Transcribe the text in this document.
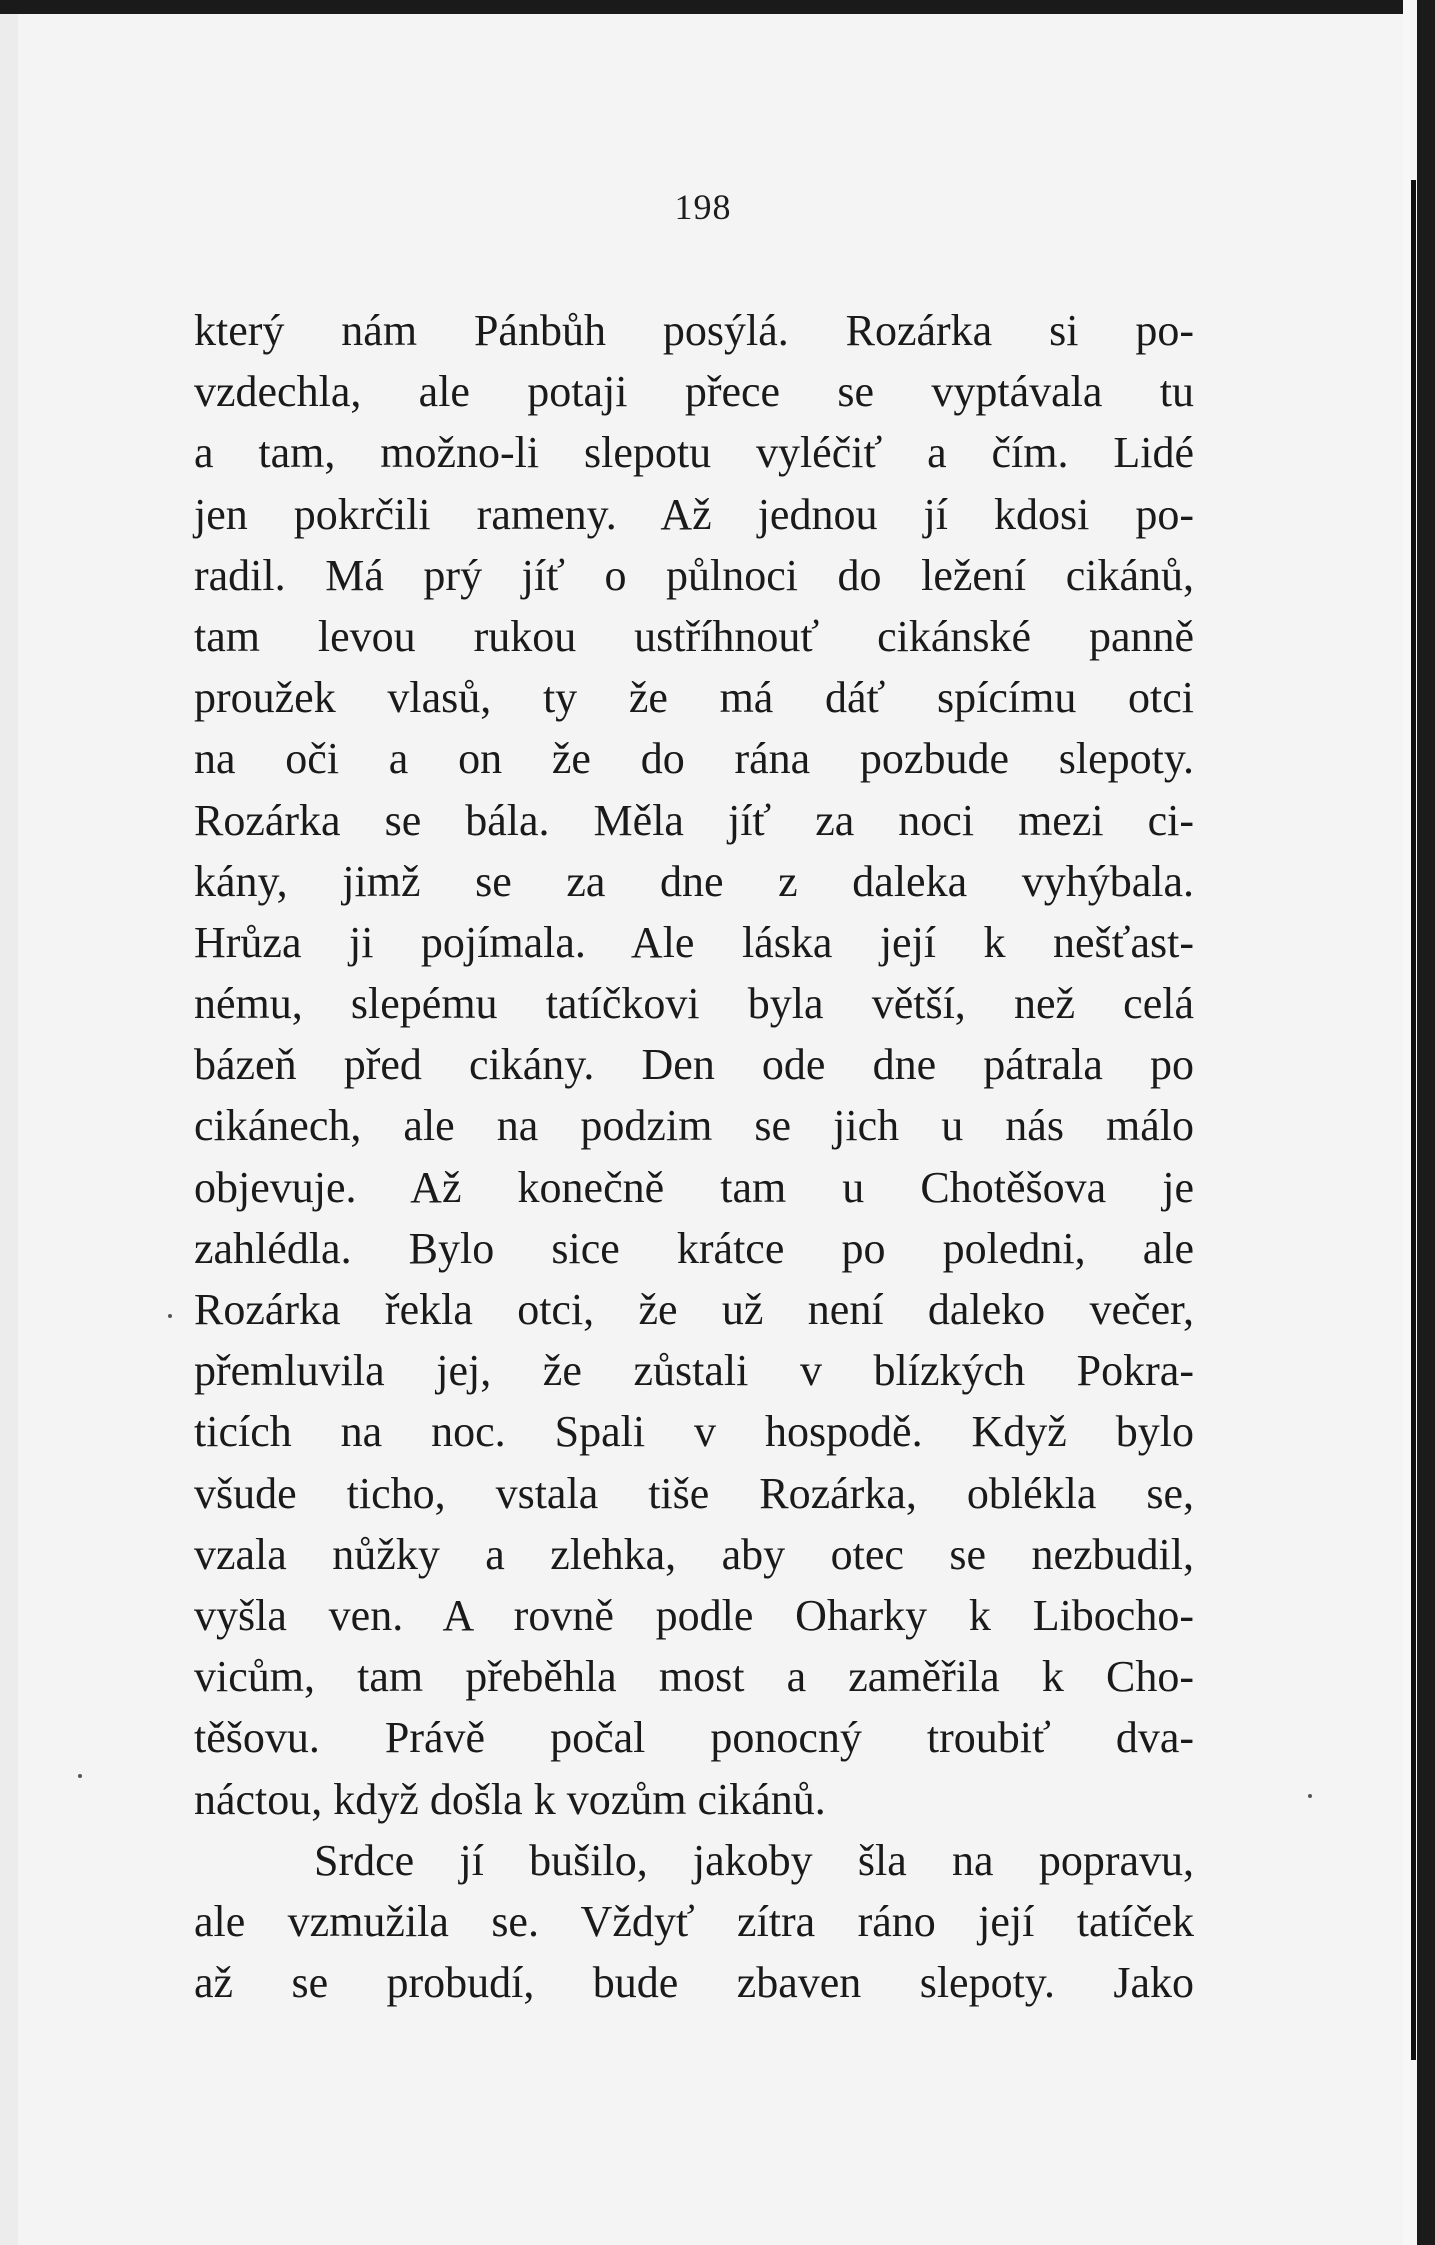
198
který nám Pánbůh posýlá. Rozárka si po-
vzdechla, ale potaji přece se vyptávala tu
a tam, možno-li slepotu vyléčiť a čím. Lidé
jen pokrčili rameny. Až jednou jí kdosi po-
radil. Má prý jíť o půlnoci do ležení cikánů,
tam levou rukou ustříhnouť cikánské panně
proužek vlasů, ty že má dáť spícímu otci
na oči a on že do rána pozbude slepoty.
Rozárka se bála. Měla jíť za noci mezi ci-
kány, jimž se za dne z daleka vyhýbala.
Hrůza ji pojímala. Ale láska její k nešťast-
nému, slepému tatíčkovi byla větší, než celá
bázeň před cikány. Den ode dne pátrala po
cikánech, ale na podzim se jich u nás málo
objevuje. Až konečně tam u Chotěšova je
zahlédla. Bylo sice krátce po poledni, ale
Rozárka řekla otci, že už není daleko večer,
přemluvila jej, že zůstali v blízkých Pokra-
ticích na noc. Spali v hospodě. Když bylo
všude ticho, vstala tiše Rozárka, oblékla se,
vzala nůžky a zlehka, aby otec se nezbudil,
vyšla ven. A rovně podle Oharky k Libocho-
vicům, tam přeběhla most a zaměřila k Cho-
těšovu. Právě počal ponocný troubiť dva-
náctou, když došla k vozům cikánů.
Srdce jí bušilo, jakoby šla na popravu,
ale vzmužila se. Vždyť zítra ráno její tatíček
až se probudí, bude zbaven slepoty. Jako
